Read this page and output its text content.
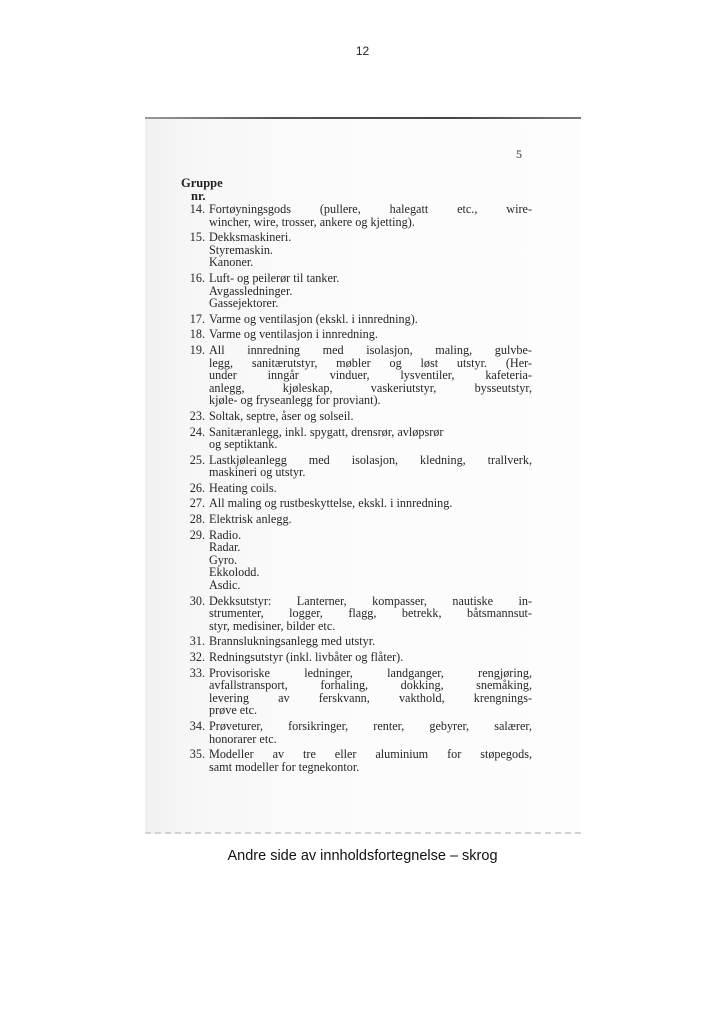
12
5
Gruppe
nr.
14. Fortøyningsgods (pullere, halegatt etc., wire-
wincher, wire, trosser, ankere og kjetting).
15. Dekksmaskineri.
Styremaskin.
Kanoner.
16. Luft- og peilerør til tanker.
Avgassledninger.
Gassejektorer.
17. Varme og ventilasjon (ekskl. i innredning).
18. Varme og ventilasjon i innredning.
19. All innredning med isolasjon, maling, gulvbe-
legg, sanitærutstyr, møbler og løst utstyr. (Her-
under inngår vinduer, lysventiler, kafeteria-
anlegg, kjøleskap, vaskeriutstyr, bysseutstyr,
kjøle- og fryseanlegg for proviant).
23. Soltak, septre, åser og solseil.
24. Sanitæranlegg, inkl. spygatt, drensrør, avløpsrør
og septiktank.
25. Lastkjøleanlegg med isolasjon, kledning, trallverk,
maskineri og utstyr.
26. Heating coils.
27. All maling og rustbeskyttelse, ekskl. i innredning.
28. Elektrisk anlegg.
29. Radio.
Radar.
Gyro.
Ekkolodd.
Asdic.
30. Dekksutstyr: Lanterner, kompasser, nautiske in-
strumenter, logger, flagg, betrekk, båtsmannsut-
styr, medisiner, bilder etc.
31. Brannslukningsanlegg med utstyr.
32. Redningsutstyr (inkl. livbåter og flåter).
33. Provisoriske ledninger, landganger, rengjøring,
avfallstransport, forhaling, dokking, snemåking,
levering av ferskvann, vakthold, krengnings-
prøve etc.
34. Prøveturer, forsikringer, renter, gebyrer, salærer,
honorarer etc.
35. Modeller av tre eller aluminium for støpegods,
samt modeller for tegnekontor.
Andre side av innholdsfortegnelse – skrog
